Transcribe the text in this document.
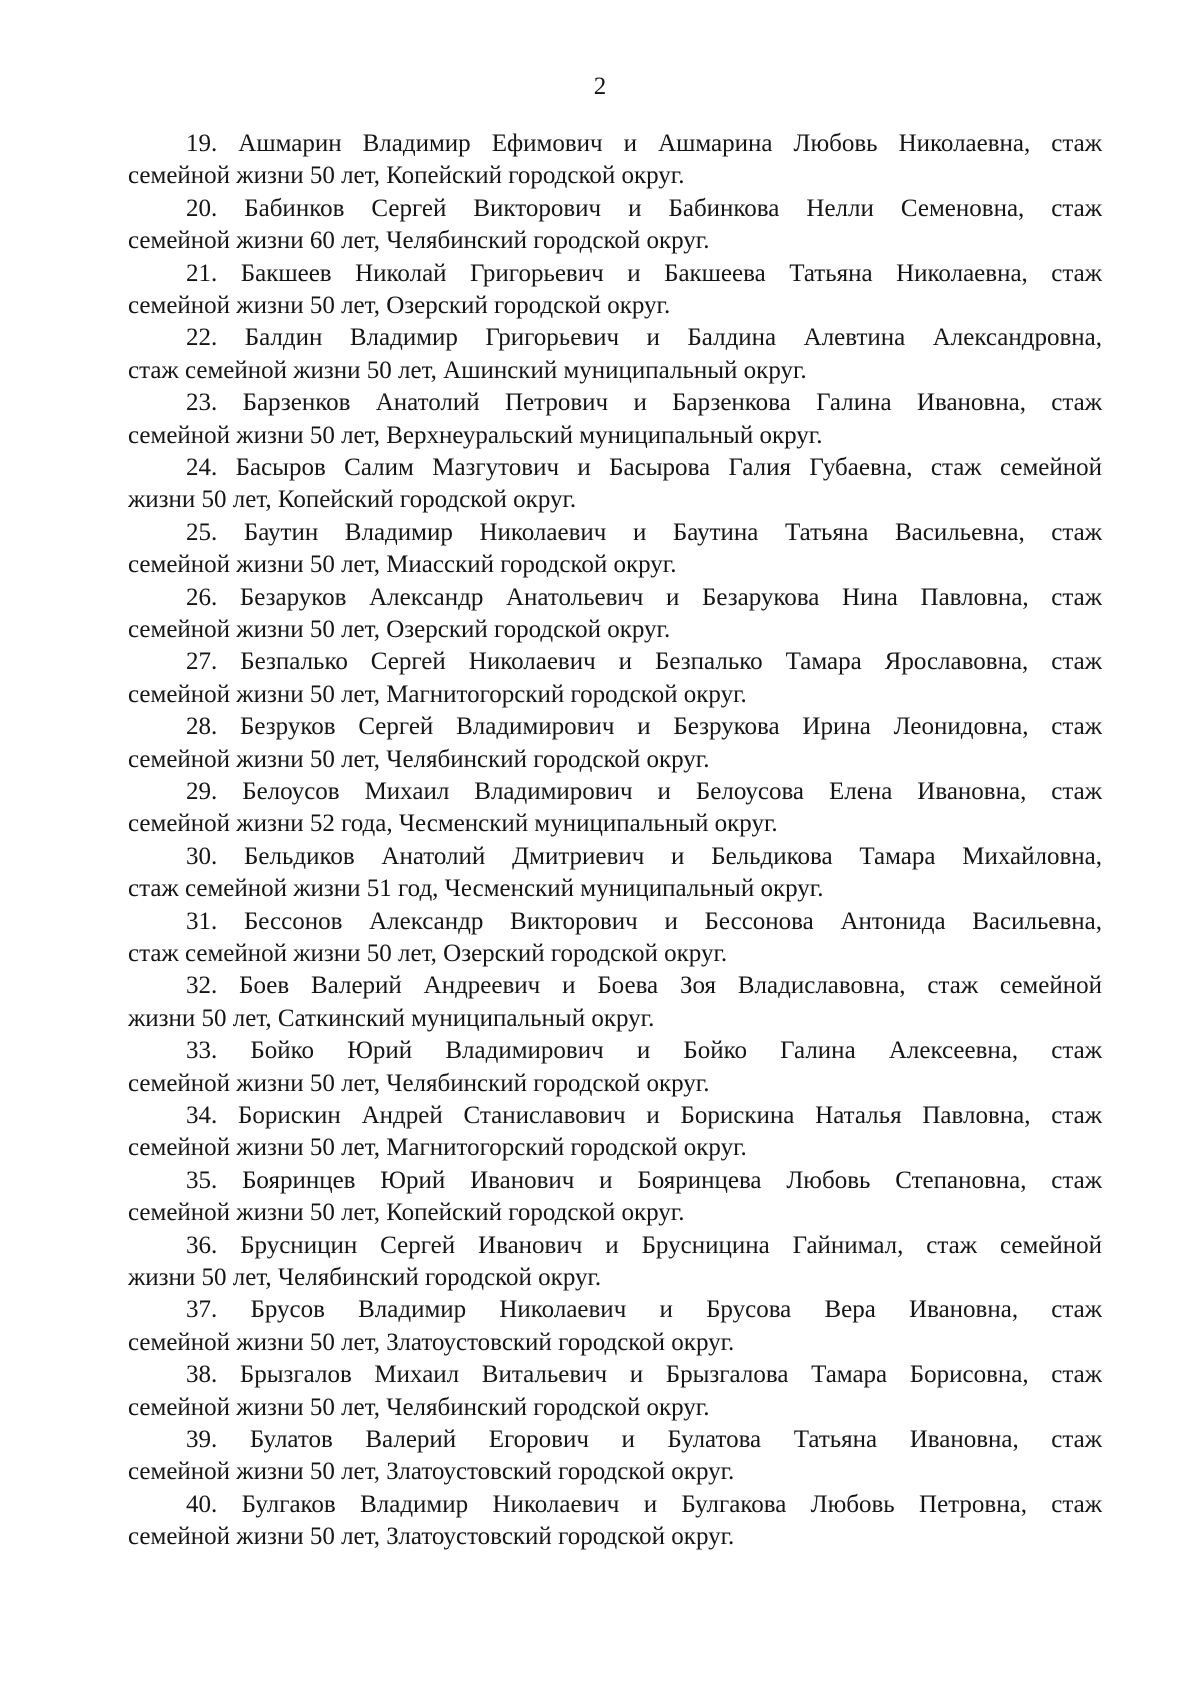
2
19. Ашмарин Владимир Ефимович и Ашмарина Любовь Николаевна, стаж
семейной жизни 50 лет, Копейский городской округ.
20. Бабинков Сергей Викторович и Бабинкова Нелли Семеновна, стаж
семейной жизни 60 лет, Челябинский городской округ.
21. Бакшеев Николай Григорьевич и Бакшеева Татьяна Николаевна, стаж
семейной жизни 50 лет, Озерский городской округ.
22. Балдин Владимир Григорьевич и Балдина Алевтина Александровна,
стаж семейной жизни 50 лет, Ашинский муниципальный округ.
23. Барзенков Анатолий Петрович и Барзенкова Галина Ивановна, стаж
семейной жизни 50 лет, Верхнеуральский муниципальный округ.
24. Басыров Салим Мазгутович и Басырова Галия Губаевна, стаж семейной
жизни 50 лет, Копейский городской округ.
25. Баутин Владимир Николаевич и Баутина Татьяна Васильевна, стаж
семейной жизни 50 лет, Миасский городской округ.
26. Безаруков Александр Анатольевич и Безарукова Нина Павловна, стаж
семейной жизни 50 лет, Озерский городской округ.
27. Безпалько Сергей Николаевич и Безпалько Тамара Ярославовна, стаж
семейной жизни 50 лет, Магнитогорский городской округ.
28. Безруков Сергей Владимирович и Безрукова Ирина Леонидовна, стаж
семейной жизни 50 лет, Челябинский городской округ.
29. Белоусов Михаил Владимирович и Белоусова Елена Ивановна, стаж
семейной жизни 52 года, Чесменский муниципальный округ.
30. Бельдиков Анатолий Дмитриевич и Бельдикова Тамара Михайловна,
стаж семейной жизни 51 год, Чесменский муниципальный округ.
31. Бессонов Александр Викторович и Бессонова Антонида Васильевна,
стаж семейной жизни 50 лет, Озерский городской округ.
32. Боев Валерий Андреевич и Боева Зоя Владиславовна, стаж семейной
жизни 50 лет, Саткинский муниципальный округ.
33. Бойко Юрий Владимирович и Бойко Галина Алексеевна, стаж
семейной жизни 50 лет, Челябинский городской округ.
34. Борискин Андрей Станиславович и Борискина Наталья Павловна, стаж
семейной жизни 50 лет, Магнитогорский городской округ.
35. Бояринцев Юрий Иванович и Бояринцева Любовь Степановна, стаж
семейной жизни 50 лет, Копейский городской округ.
36. Брусницин Сергей Иванович и Брусницина Гайнимал, стаж семейной
жизни 50 лет, Челябинский городской округ.
37. Брусов Владимир Николаевич и Брусова Вера Ивановна, стаж
семейной жизни 50 лет, Златоустовский городской округ.
38. Брызгалов Михаил Витальевич и Брызгалова Тамара Борисовна, стаж
семейной жизни 50 лет, Челябинский городской округ.
39. Булатов Валерий Егорович и Булатова Татьяна Ивановна, стаж
семейной жизни 50 лет, Златоустовский городской округ.
40. Булгаков Владимир Николаевич и Булгакова Любовь Петровна, стаж
семейной жизни 50 лет, Златоустовский городской округ.
